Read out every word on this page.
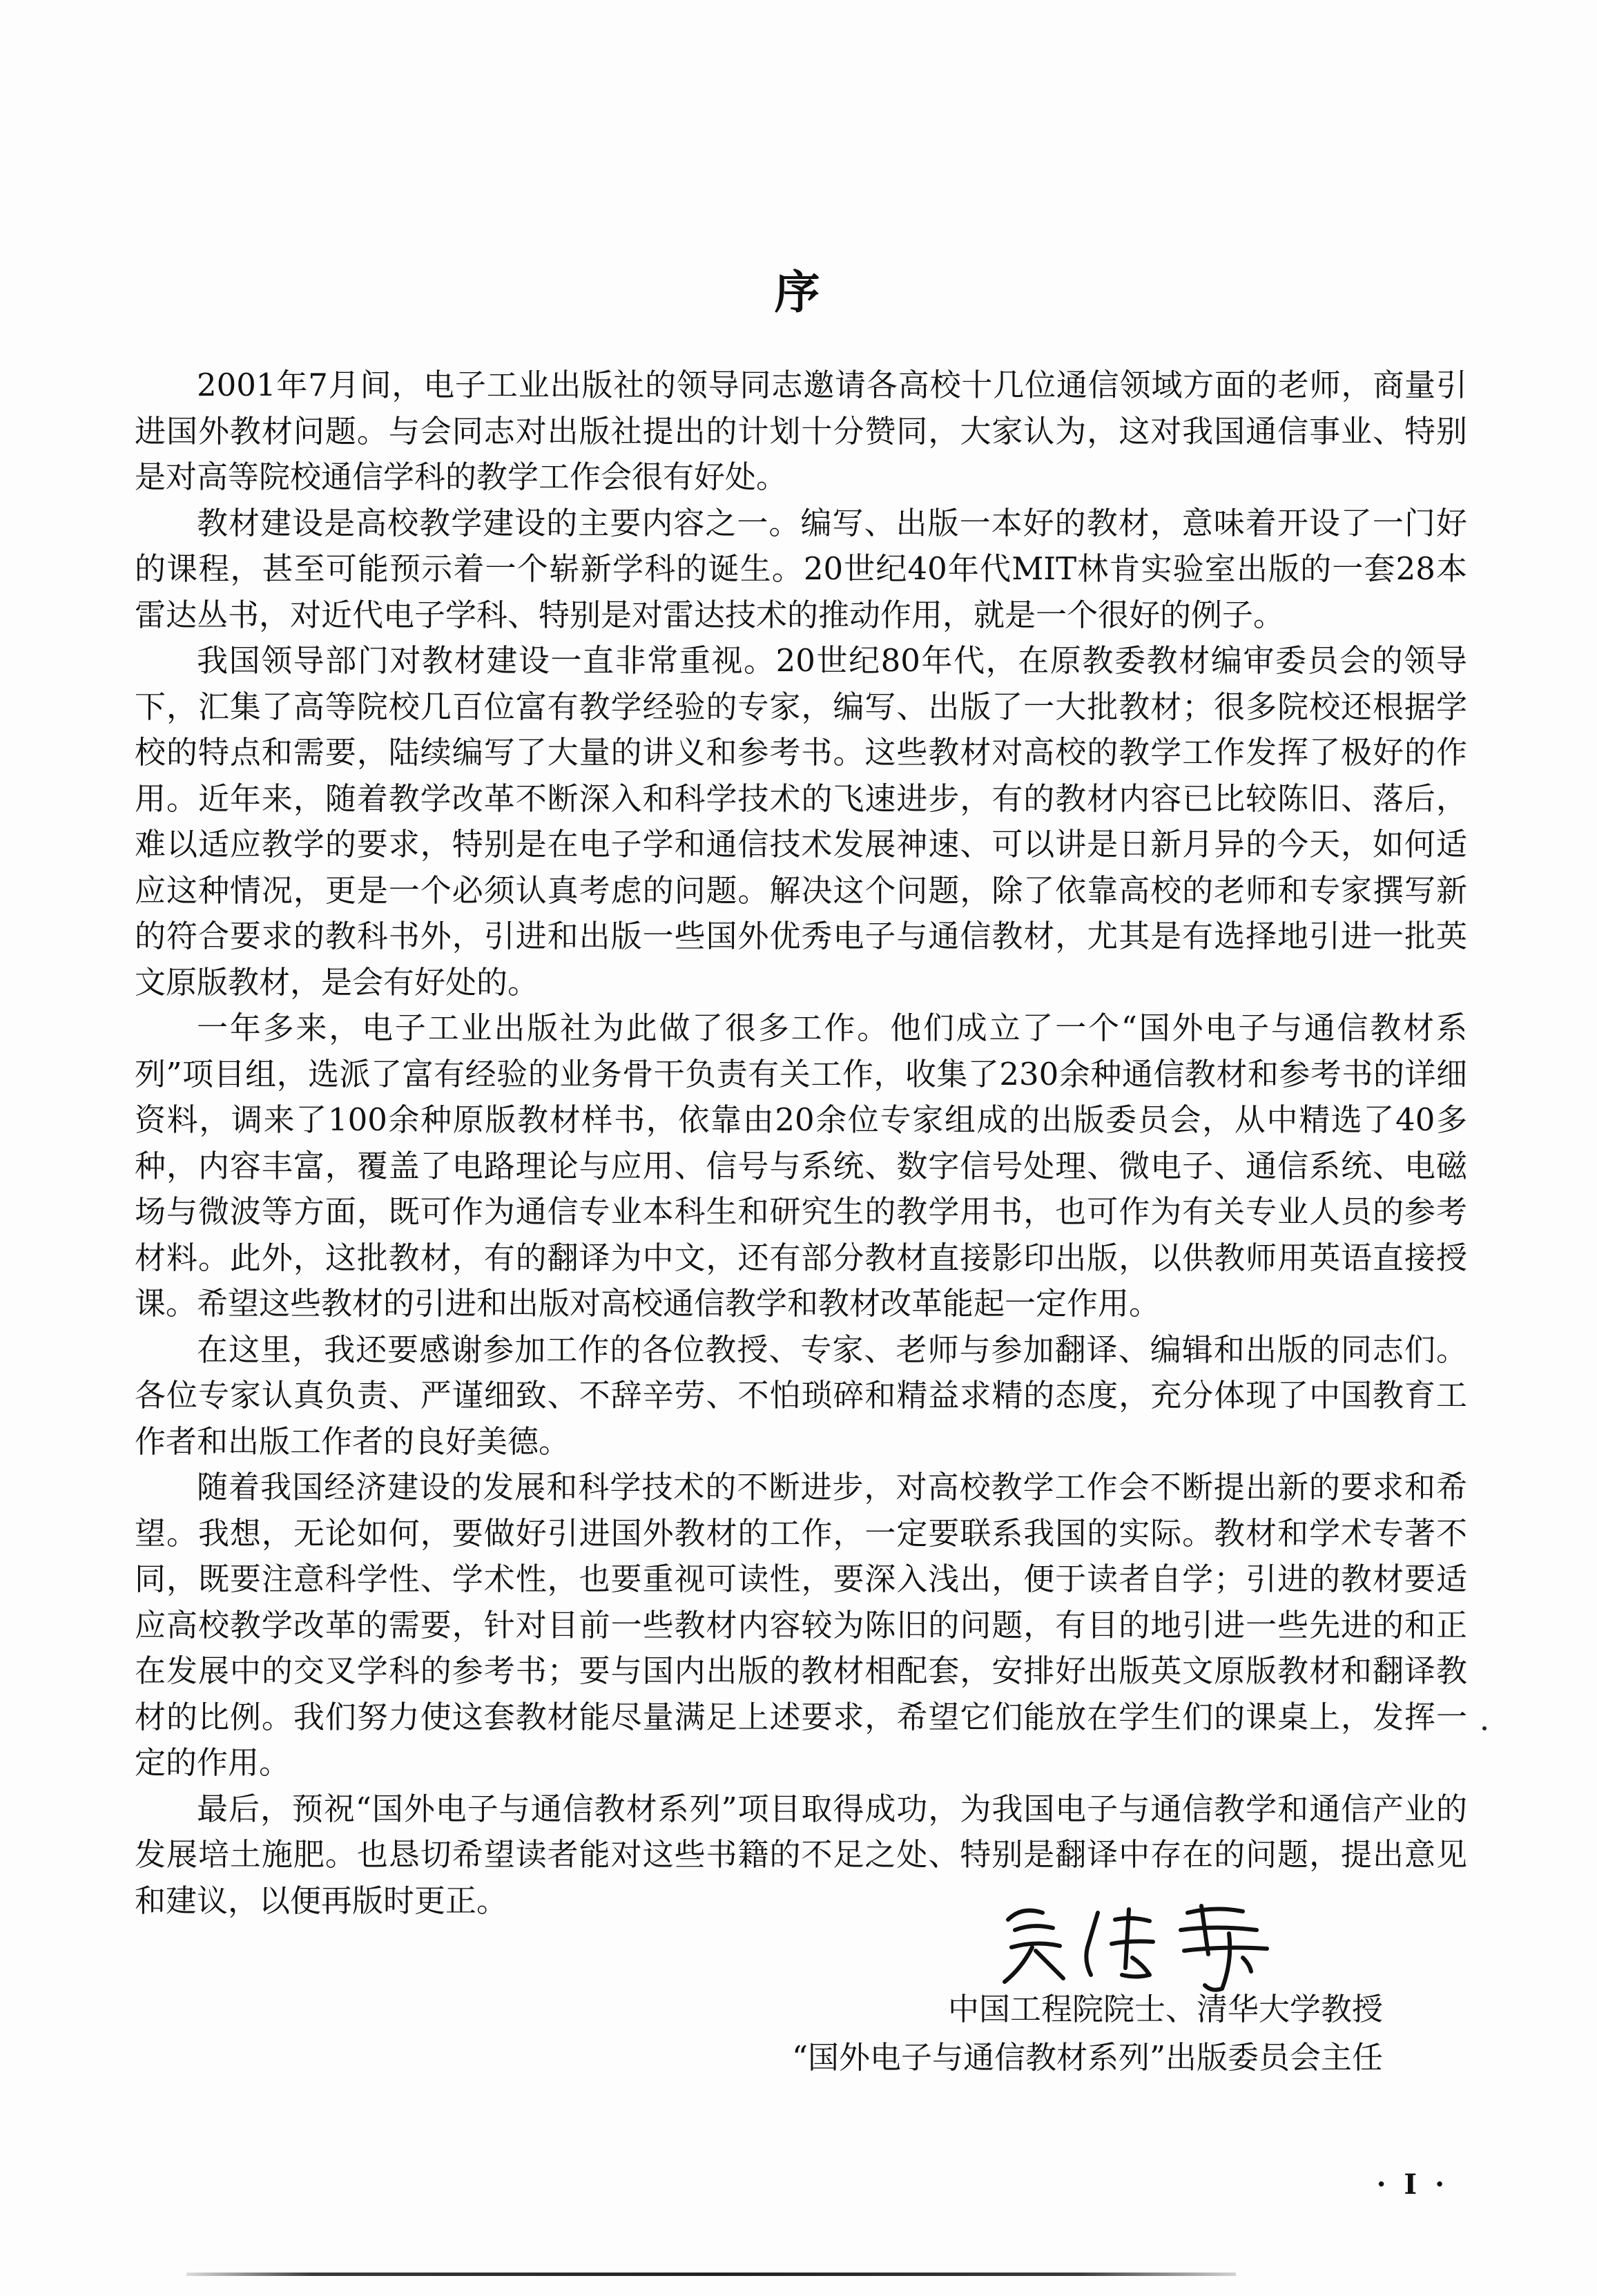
序

2001年7月间，电子工业出版社的领导同志邀请各高校十几位通信领域方面的老师，商量引进国外教材问题。与会同志对出版社提出的计划十分赞同，大家认为，这对我国通信事业、特别是对高等院校通信学科的教学工作会很有好处。

教材建设是高校教学建设的主要内容之一。编写、出版一本好的教材，意味着开设了一门好的课程，甚至可能预示着一个崭新学科的诞生。20世纪40年代MIT林肯实验室出版的一套28本雷达丛书，对近代电子学科、特别是对雷达技术的推动作用，就是一个很好的例子。

我国领导部门对教材建设一直非常重视。20世纪80年代，在原教委教材编审委员会的领导下，汇集了高等院校几百位富有教学经验的专家，编写、出版了一大批教材；很多院校还根据学校的特点和需要，陆续编写了大量的讲义和参考书。这些教材对高校的教学工作发挥了极好的作用。近年来，随着教学改革不断深入和科学技术的飞速进步，有的教材内容已比较陈旧、落后，难以适应教学的要求，特别是在电子学和通信技术发展神速、可以讲是日新月异的今天，如何适应这种情况，更是一个必须认真考虑的问题。解决这个问题，除了依靠高校的老师和专家撰写新的符合要求的教科书外，引进和出版一些国外优秀电子与通信教材，尤其是有选择地引进一批英文原版教材，是会有好处的。

一年多来，电子工业出版社为此做了很多工作。他们成立了一个“国外电子与通信教材系列”项目组，选派了富有经验的业务骨干负责有关工作，收集了230余种通信教材和参考书的详细资料，调来了100余种原版教材样书，依靠由20余位专家组成的出版委员会，从中精选了40多种，内容丰富，覆盖了电路理论与应用、信号与系统、数字信号处理、微电子、通信系统、电磁场与微波等方面，既可作为通信专业本科生和研究生的教学用书，也可作为有关专业人员的参考材料。此外，这批教材，有的翻译为中文，还有部分教材直接影印出版，以供教师用英语直接授课。希望这些教材的引进和出版对高校通信教学和教材改革能起一定作用。

在这里，我还要感谢参加工作的各位教授、专家、老师与参加翻译、编辑和出版的同志们。各位专家认真负责、严谨细致、不辞辛劳、不怕琐碎和精益求精的态度，充分体现了中国教育工作者和出版工作者的良好美德。

随着我国经济建设的发展和科学技术的不断进步，对高校教学工作会不断提出新的要求和希望。我想，无论如何，要做好引进国外教材的工作，一定要联系我国的实际。教材和学术专著不同，既要注意科学性、学术性，也要重视可读性，要深入浅出，便于读者自学；引进的教材要适应高校教学改革的需要，针对目前一些教材内容较为陈旧的问题，有目的地引进一些先进的和正在发展中的交叉学科的参考书；要与国内出版的教材相配套，安排好出版英文原版教材和翻译教材的比例。我们努力使这套教材能尽量满足上述要求，希望它们能放在学生们的课桌上，发挥一定的作用。

最后，预祝“国外电子与通信教材系列”项目取得成功，为我国电子与通信教学和通信产业的发展培土施肥。也恳切希望读者能对这些书籍的不足之处、特别是翻译中存在的问题，提出意见和建议，以便再版时更正。

中国工程院院士、清华大学教授
“国外电子与通信教材系列”出版委员会主任
· I ·
